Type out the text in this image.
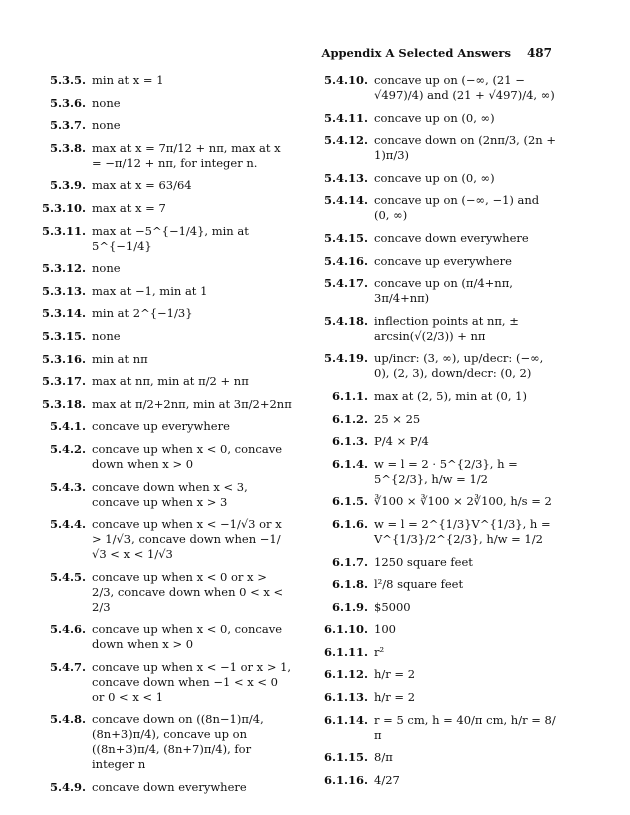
Appendix A Selected Answers 487
5.3.5. min at x = 1
5.3.6. none
5.3.7. none
5.3.8. max at x = 7π/12 + nπ, max at x = −π/12 + nπ, for integer n.
5.3.9. max at x = 63/64
5.3.10. max at x = 7
5.3.11. max at −5^{−1/4}, min at 5^{−1/4}
5.3.12. none
5.3.13. max at −1, min at 1
5.3.14. min at 2^{−1/3}
5.3.15. none
5.3.16. min at nπ
5.3.17. max at nπ, min at π/2 + nπ
5.3.18. max at π/2+2nπ, min at 3π/2+2nπ
5.4.1. concave up everywhere
5.4.2. concave up when x < 0, concave down when x > 0
5.4.3. concave down when x < 3, concave up when x > 3
5.4.4. concave up when x < −1/√3 or x > 1/√3, concave down when −1/√3 < x < 1/√3
5.4.5. concave up when x < 0 or x > 2/3, concave down when 0 < x < 2/3
5.4.6. concave up when x < 0, concave down when x > 0
5.4.7. concave up when x < −1 or x > 1, concave down when −1 < x < 0 or 0 < x < 1
5.4.8. concave down on ((8n−1)π/4, (8n+3)π/4), concave up on ((8n+3)π/4, (8n+7)π/4), for integer n
5.4.9. concave down everywhere
5.4.10. concave up on (−∞, (21 − √497)/4) and (21 + √497)/4, ∞)
5.4.11. concave up on (0, ∞)
5.4.12. concave down on (2nπ/3, (2n + 1)π/3)
5.4.13. concave up on (0, ∞)
5.4.14. concave up on (−∞, −1) and (0, ∞)
5.4.15. concave down everywhere
5.4.16. concave up everywhere
5.4.17. concave up on (π/4+nπ, 3π/4+nπ)
5.4.18. inflection points at nπ, ± arcsin(√(2/3)) + nπ
5.4.19. up/incr: (3, ∞), up/decr: (−∞, 0), (2, 3), down/decr: (0, 2)
6.1.1. max at (2, 5), min at (0, 1)
6.1.2. 25 × 25
6.1.3. P/4 × P/4
6.1.4. w = l = 2 · 5^{2/3}, h = 5^{2/3}, h/w = 1/2
6.1.5. ∛100 × ∛100 × 2∛100, h/s = 2
6.1.6. w = l = 2^{1/3}V^{1/3}, h = V^{1/3}/2^{2/3}, h/w = 1/2
6.1.7. 1250 square feet
6.1.8. l²/8 square feet
6.1.9. $5000
6.1.10. 100
6.1.11. r²
6.1.12. h/r = 2
6.1.13. h/r = 2
6.1.14. r = 5 cm, h = 40/π cm, h/r = 8/π
6.1.15. 8/π
6.1.16. 4/27
